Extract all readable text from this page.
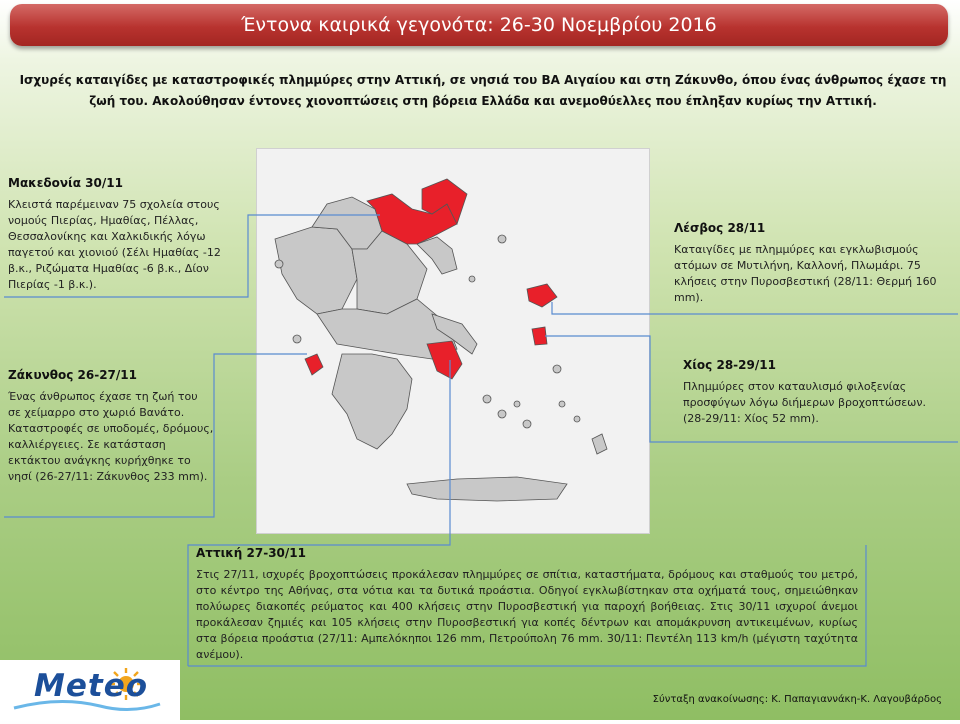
Έντονα καιρικά γεγονότα: 26-30 Νοεμβρίου 2016
Ισχυρές καταιγίδες με καταστροφικές πλημμύρες στην Αττική, σε νησιά του ΒΑ Αιγαίου και στη Ζάκυνθο, όπου ένας άνθρωπος έχασε τη ζωή του. Ακολούθησαν έντονες χιονοπτώσεις στη βόρεια Ελλάδα και ανεμοθύελλες που έπληξαν κυρίως την Αττική.
Μακεδονία 30/11
Κλειστά παρέμειναν 75 σχολεία στους νομούς Πιερίας, Ημαθίας, Πέλλας, Θεσσαλονίκης και Χαλκιδικής λόγω παγετού και χιονιού (Σέλι Ημαθίας -12 β.κ., Ριζώματα Ημαθίας -6 β.κ., Δίον Πιερίας -1 β.κ.).
Λέσβος 28/11
Καταιγίδες με πλημμύρες και εγκλωβισμούς ατόμων σε Μυτιλήνη, Καλλονή, Πλωμάρι. 75 κλήσεις στην Πυροσβεστική (28/11: Θερμή 160 mm).
Ζάκυνθος 26-27/11
Ένας άνθρωπος έχασε τη ζωή του σε χείμαρρο στο χωριό Βανάτο. Καταστροφές σε υποδομές, δρόμους, καλλιέργειες. Σε κατάσταση εκτάκτου ανάγκης κυρήχθηκε το νησί (26-27/11: Ζάκυνθος 233 mm).
Χίος 28-29/11
Πλημμύρες στον καταυλισμό φιλοξενίας προσφύγων λόγω διήμερων βροχοπτώσεων. (28-29/11: Χίος 52 mm).
Αττική 27-30/11
Στις 27/11, ισχυρές βροχοπτώσεις προκάλεσαν πλημμύρες σε σπίτια, καταστήματα, δρόμους και σταθμούς του μετρό, στο κέντρο της Αθήνας, στα νότια και τα δυτικά προάστια. Οδηγοί εγκλωβίστηκαν στα οχήματά τους, σημειώθηκαν πολύωρες διακοπές ρεύματος και 400 κλήσεις στην Πυροσβεστική για παροχή βοήθειας. Στις 30/11 ισχυροί άνεμοι προκάλεσαν ζημιές και 105 κλήσεις στην Πυροσβεστική για κοπές δέντρων και απομάκρυνση αντικειμένων, κυρίως στα βόρεια προάστια (27/11: Αμπελόκηποι 126 mm, Πετρούπολη 76 mm. 30/11: Πεντέλη 113 km/h (μέγιστη ταχύτητα ανέμου).
Meteo	Σύνταξη ανακοίνωσης: Κ. Παπαγιαννάκη-Κ. Λαγουβάρδος
